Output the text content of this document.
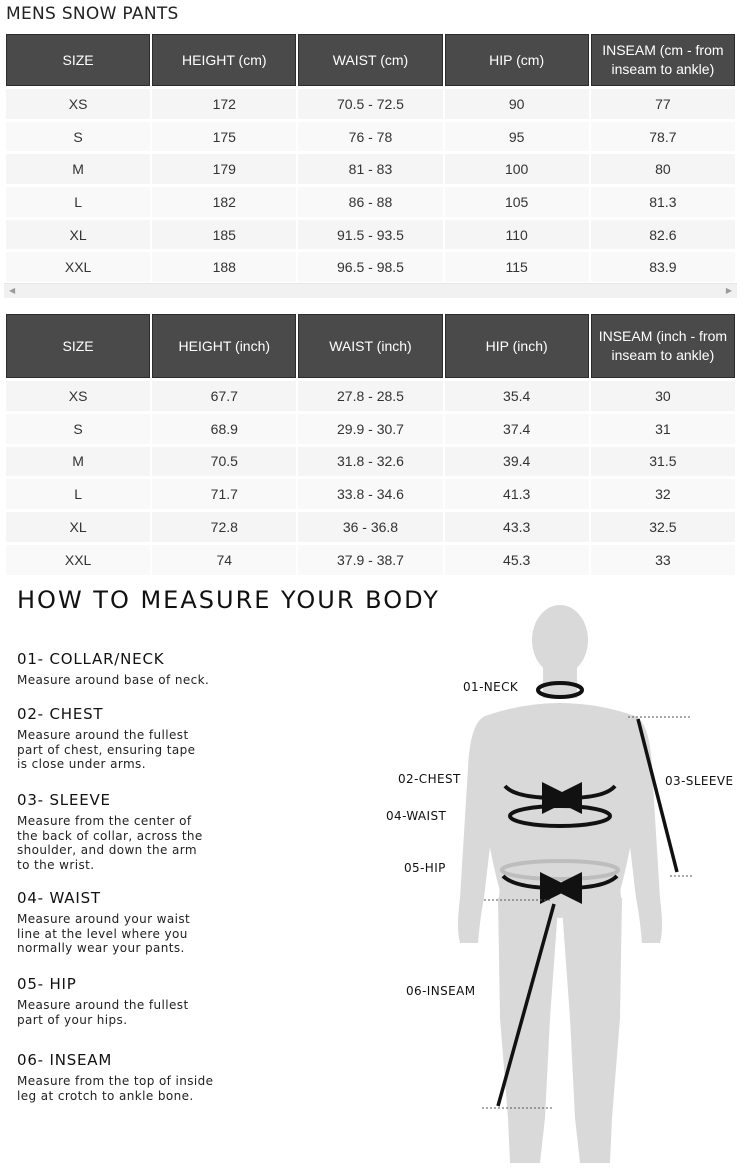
MENS SNOW PANTS
SIZE	HEIGHT (cm)	WAIST (cm)	HIP (cm)	INSEAM (cm - from inseam to ankle)
XS	172	70.5 - 72.5	90	77
S	175	76 - 78	95	78.7
M	179	81 - 83	100	80
L	182	86 - 88	105	81.3
XL	185	91.5 - 93.5	110	82.6
XXL	188	96.5 - 98.5	115	83.9
◀	▶
SIZE	HEIGHT (inch)	WAIST (inch)	HIP (inch)	INSEAM (inch - from inseam to ankle)
XS	67.7	27.8 - 28.5	35.4	30
S	68.9	29.9 - 30.7	37.4	31
M	70.5	31.8 - 32.6	39.4	31.5
L	71.7	33.8 - 34.6	41.3	32
XL	72.8	36 - 36.8	43.3	32.5
XXL	74	37.9 - 38.7	45.3	33
HOW TO MEASURE YOUR BODY
01- COLLAR/NECK
Measure around base of neck.
02- CHEST
Measure around the fullest
part of chest, ensuring tape
is close under arms.
03- SLEEVE
Measure from the center of
the back of collar, across the
shoulder, and down the arm
to the wrist.
04- WAIST
Measure around your waist
line at the level where you
normally wear your pants.
05- HIP
Measure around the fullest
part of your hips.
06- INSEAM
Measure from the top of inside
leg at crotch to ankle bone.
01-NECK
02-CHEST	03-SLEEVE
04-WAIST
05-HIP
06-INSEAM
